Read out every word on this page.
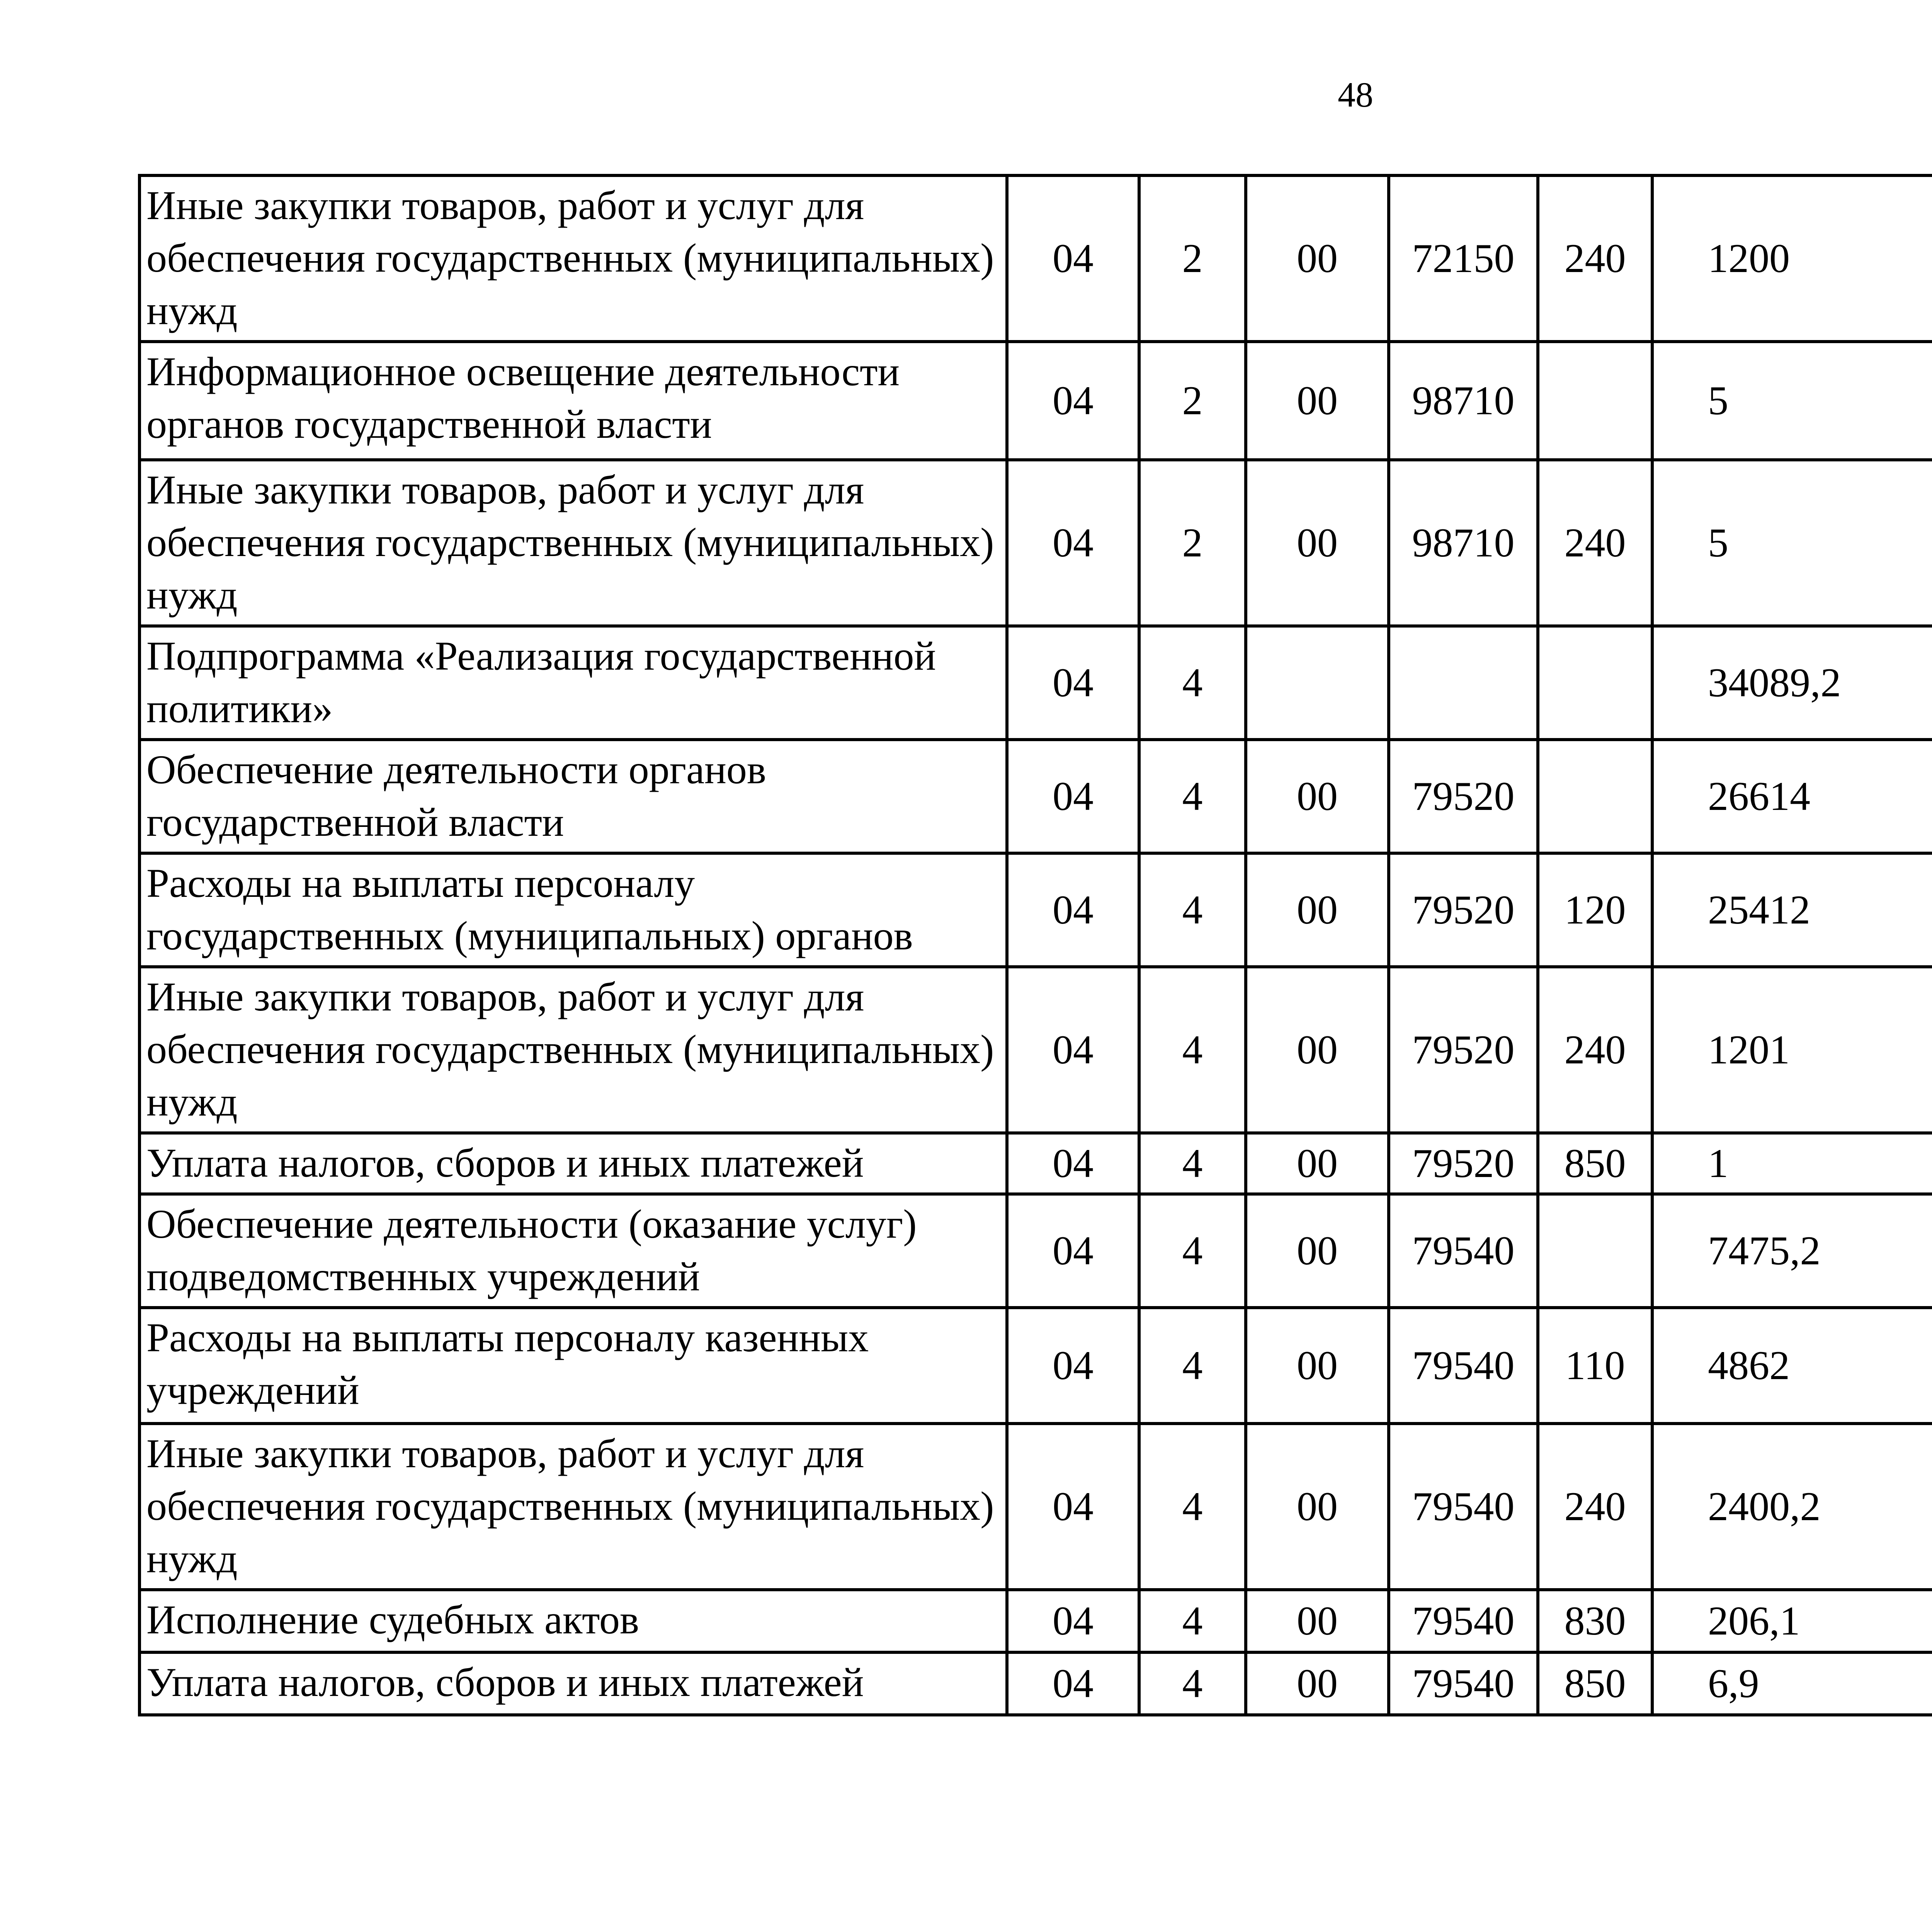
48
Иные закупки товаров, работ и услуг для обеспечения государственных (муниципальных) нужд	04	2	00	72150	240	1200		
Информационное освещение деятельности органов государственной власти	04	2	00	98710		5		
Иные закупки товаров, работ и услуг для обеспечения государственных (муниципальных) нужд	04	2	00	98710	240	5		
Подпрограмма «Реализация государственной политики»	04	4				34089,2		
Обеспечение деятельности органов государственной власти	04	4	00	79520		26614		
Расходы на выплаты персоналу государственных (муниципальных) органов	04	4	00	79520	120	25412		
Иные закупки товаров, работ и услуг для обеспечения государственных (муниципальных) нужд	04	4	00	79520	240	1201		
Уплата налогов, сборов и иных платежей	04	4	00	79520	850	1		
Обеспечение деятельности (оказание услуг) подведомственных учреждений	04	4	00	79540		7475,2		
Расходы на выплаты персоналу казенных учреждений	04	4	00	79540	110	4862		
Иные закупки товаров, работ и услуг для обеспечения государственных (муниципальных) нужд	04	4	00	79540	240	2400,2		
Исполнение судебных актов	04	4	00	79540	830	206,1		
Уплата налогов, сборов и иных платежей	04	4	00	79540	850	6,9		
